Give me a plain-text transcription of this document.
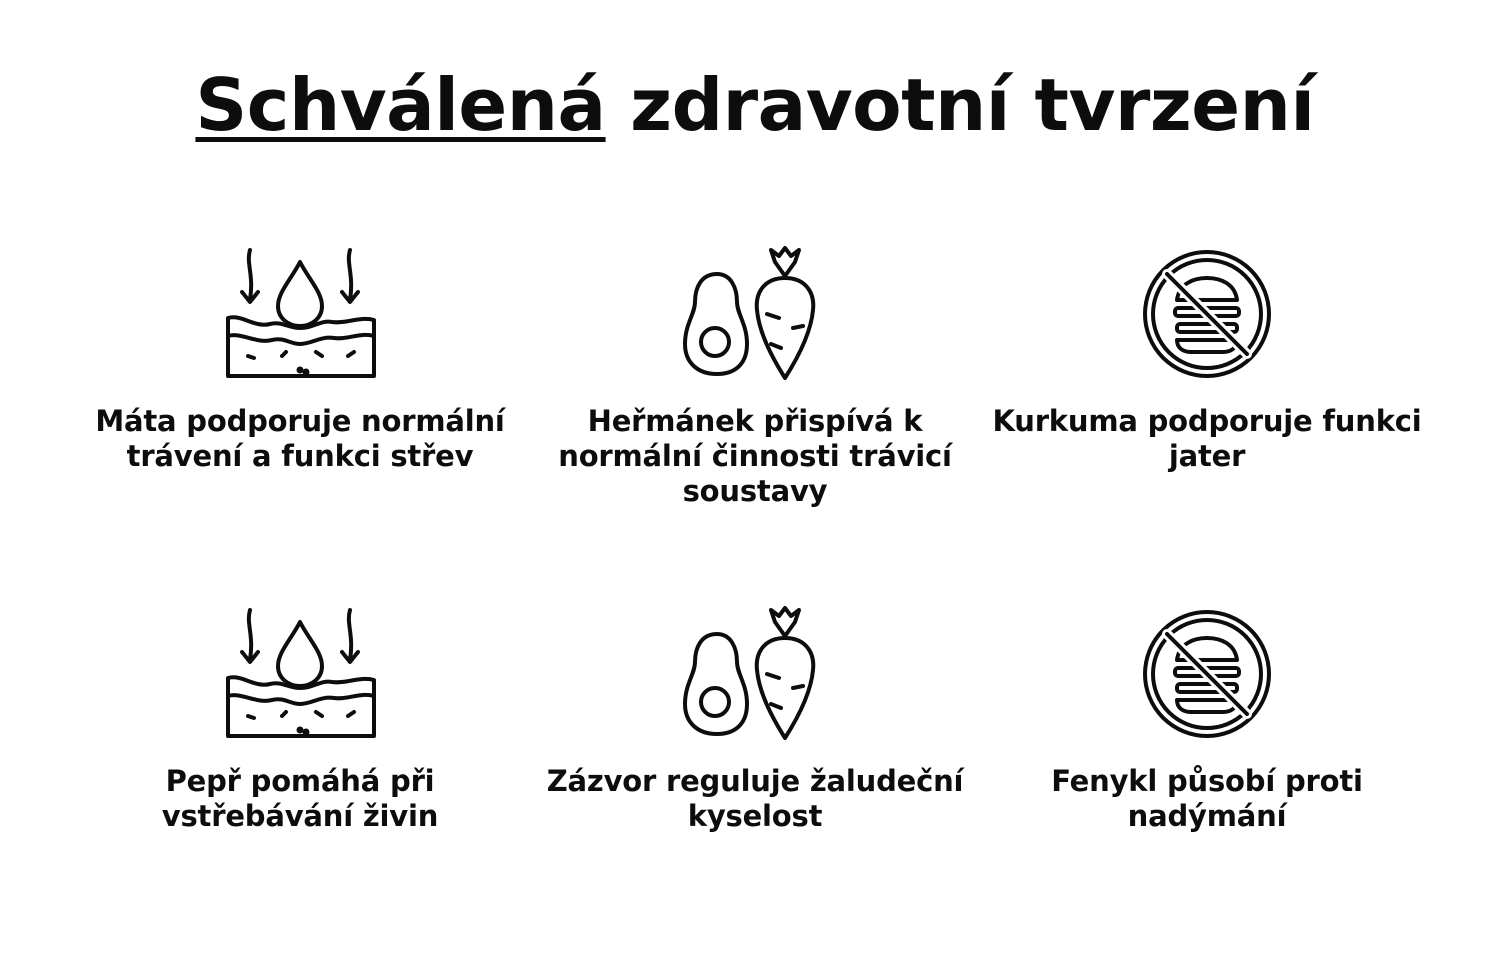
Schválená zdravotní tvrzení
Máta podporuje normální trávení a funkci střev
Heřmánek přispívá k normální činnosti trávicí soustavy
Kurkuma podporuje funkci jater
Pepř pomáhá při vstřebávání živin
Zázvor reguluje žaludeční kyselost
Fenykl působí proti nadýmání
